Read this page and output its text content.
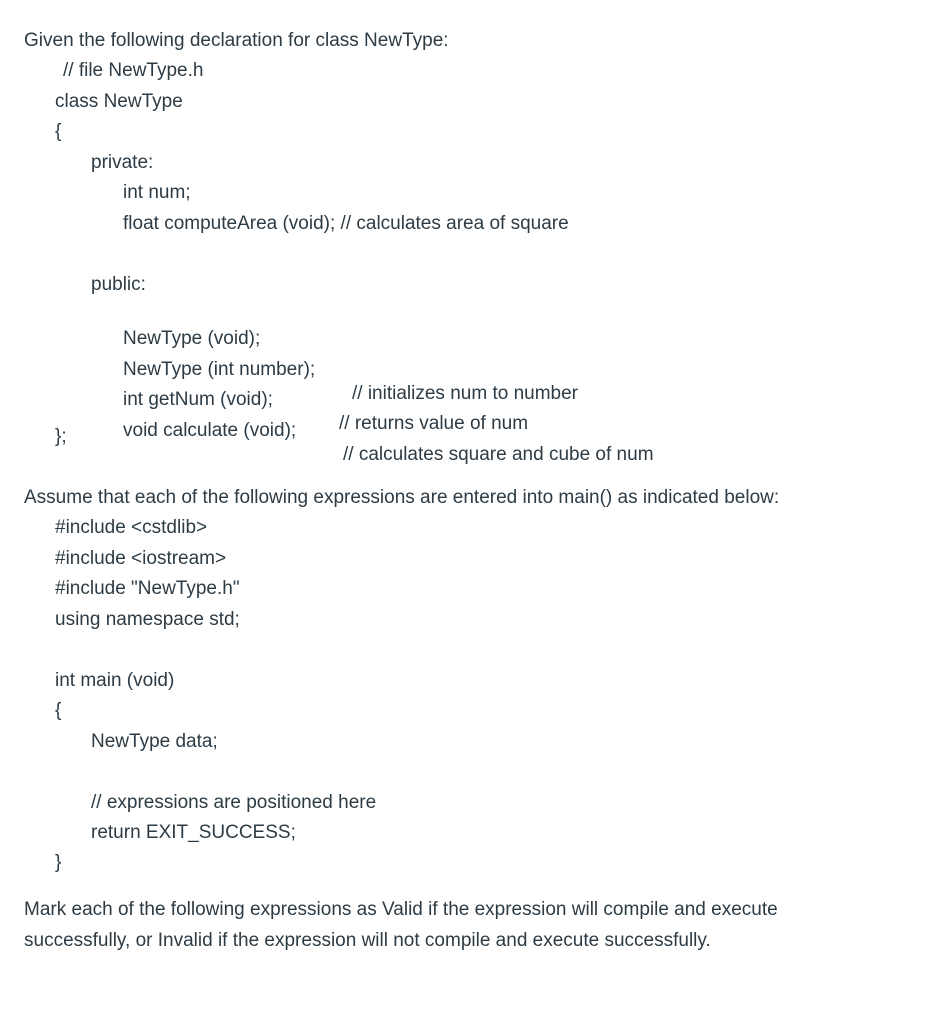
Given the following declaration for class NewType:
// file NewType.h
class NewType
{
private:
int num;
float computeArea (void); // calculates area of square
public:

NewType (void);

NewType (int number);

// initializes num to number

int getNum (void);

// returns value of num

void calculate (void);

// calculates square and cube of num

};
Assume that each of the following expressions are entered into main() as indicated below:
#include <cstdlib>
#include <iostream>
#include "NewType.h"
using namespace std;
int main (void)
{
NewType data;
// expressions are positioned here
return EXIT_SUCCESS;
}
Mark each of the following expressions as Valid if the expression will compile and execute
successfully, or Invalid if the expression will not compile and execute successfully.
